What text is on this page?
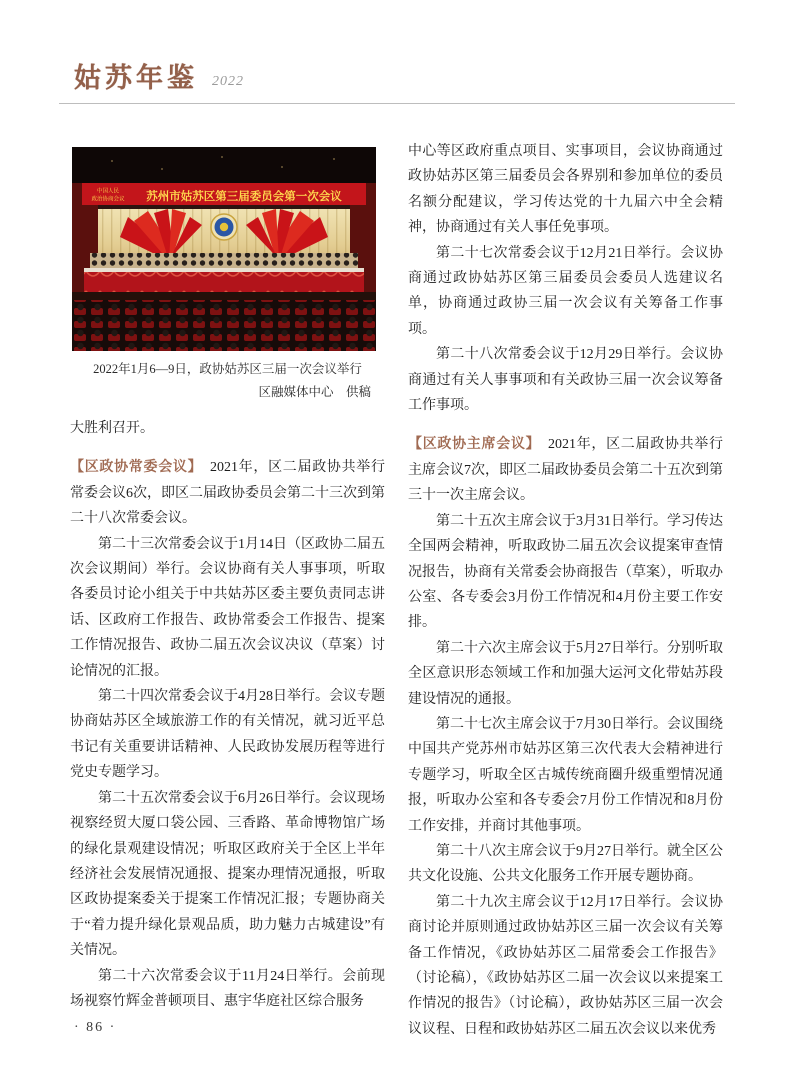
姑苏年鉴 2022
中国人民
政治协商会议 苏州市姑苏区第三届委员会第一次会议
2022年1月6—9日，政协姑苏区三届一次会议举行
区融媒体中心　供稿

大胜利召开。

【区政协常委会议】 2021年，区二届政协共举行常委会议6次，即区二届政协委员会第二十三次到第二十八次常委会议。

第二十三次常委会议于1月14日（区政协二届五次会议期间）举行。会议协商有关人事事项，听取各委员讨论小组关于中共姑苏区委主要负责同志讲话、区政府工作报告、政协常委会工作报告、提案工作情况报告、政协二届五次会议决议（草案）讨论情况的汇报。

第二十四次常委会议于4月28日举行。会议专题协商姑苏区全域旅游工作的有关情况，就习近平总书记有关重要讲话精神、人民政协发展历程等进行党史专题学习。

第二十五次常委会议于6月26日举行。会议现场视察经贸大厦口袋公园、三香路、革命博物馆广场的绿化景观建设情况；听取区政府关于全区上半年经济社会发展情况通报、提案办理情况通报，听取区政协提案委关于提案工作情况汇报；专题协商关于“着力提升绿化景观品质，助力魅力古城建设”有关情况。

第二十六次常委会议于11月24日举行。会前现场视察竹辉金普顿项目、惠宇华庭社区综合服务

中心等区政府重点项目、实事项目，会议协商通过政协姑苏区第三届委员会各界别和参加单位的委员名额分配建议，学习传达党的十九届六中全会精神，协商通过有关人事任免事项。

第二十七次常委会议于12月21日举行。会议协商通过政协姑苏区第三届委员会委员人选建议名单，协商通过政协三届一次会议有关筹备工作事项。

第二十八次常委会议于12月29日举行。会议协商通过有关人事事项和有关政协三届一次会议筹备工作事项。

【区政协主席会议】 2021年，区二届政协共举行主席会议7次，即区二届政协委员会第二十五次到第三十一次主席会议。

第二十五次主席会议于3月31日举行。学习传达全国两会精神，听取政协二届五次会议提案审查情况报告，协商有关常委会协商报告（草案），听取办公室、各专委会3月份工作情况和4月份主要工作安排。

第二十六次主席会议于5月27日举行。分别听取全区意识形态领域工作和加强大运河文化带姑苏段建设情况的通报。

第二十七次主席会议于7月30日举行。会议围绕中国共产党苏州市姑苏区第三次代表大会精神进行专题学习，听取全区古城传统商圈升级重塑情况通报，听取办公室和各专委会7月份工作情况和8月份工作安排，并商讨其他事项。

第二十八次主席会议于9月27日举行。就全区公共文化设施、公共文化服务工作开展专题协商。

第二十九次主席会议于12月17日举行。会议协商讨论并原则通过政协姑苏区三届一次会议有关筹备工作情况，《政协姑苏区二届常委会工作报告》（讨论稿），《政协姑苏区二届一次会议以来提案工作情况的报告》（讨论稿），政协姑苏区三届一次会议议程、日程和政协姑苏区二届五次会议以来优秀

· 86 ·
